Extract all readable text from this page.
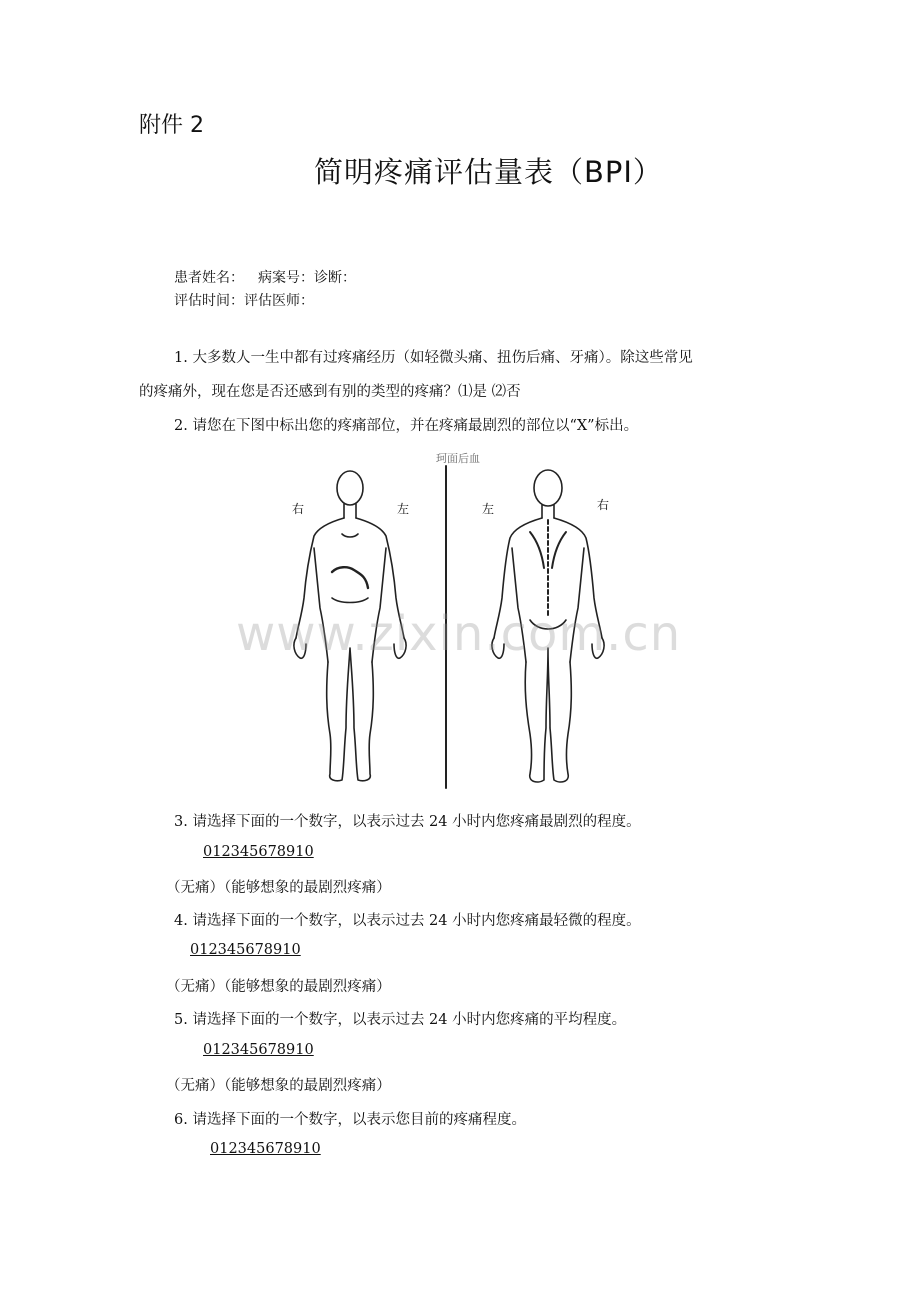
附件 2
简明疼痛评估量表（BPI）
患者姓名： 病案号：诊断：
评估时间：评估医师：
1. 大多数人一生中都有过疼痛经历（如轻微头痛、扭伤后痛、牙痛）。除这些常见
的疼痛外，现在您是否还感到有别的类型的疼痛？⑴是 ⑵否
2. 请您在下图中标出您的疼痛部位，并在疼痛最剧烈的部位以“X”标出。
珂面后血
右	左	左	右
www.zixin.com.cn
3. 请选择下面的一个数字，以表示过去 24 小时内您疼痛最剧烈的程度。
012345678910
（无痛）（能够想象的最剧烈疼痛）
4. 请选择下面的一个数字，以表示过去 24 小时内您疼痛最轻微的程度。
012345678910
（无痛）（能够想象的最剧烈疼痛）
5. 请选择下面的一个数字，以表示过去 24 小时内您疼痛的平均程度。
012345678910
（无痛）（能够想象的最剧烈疼痛）
6. 请选择下面的一个数字，以表示您目前的疼痛程度。
012345678910
